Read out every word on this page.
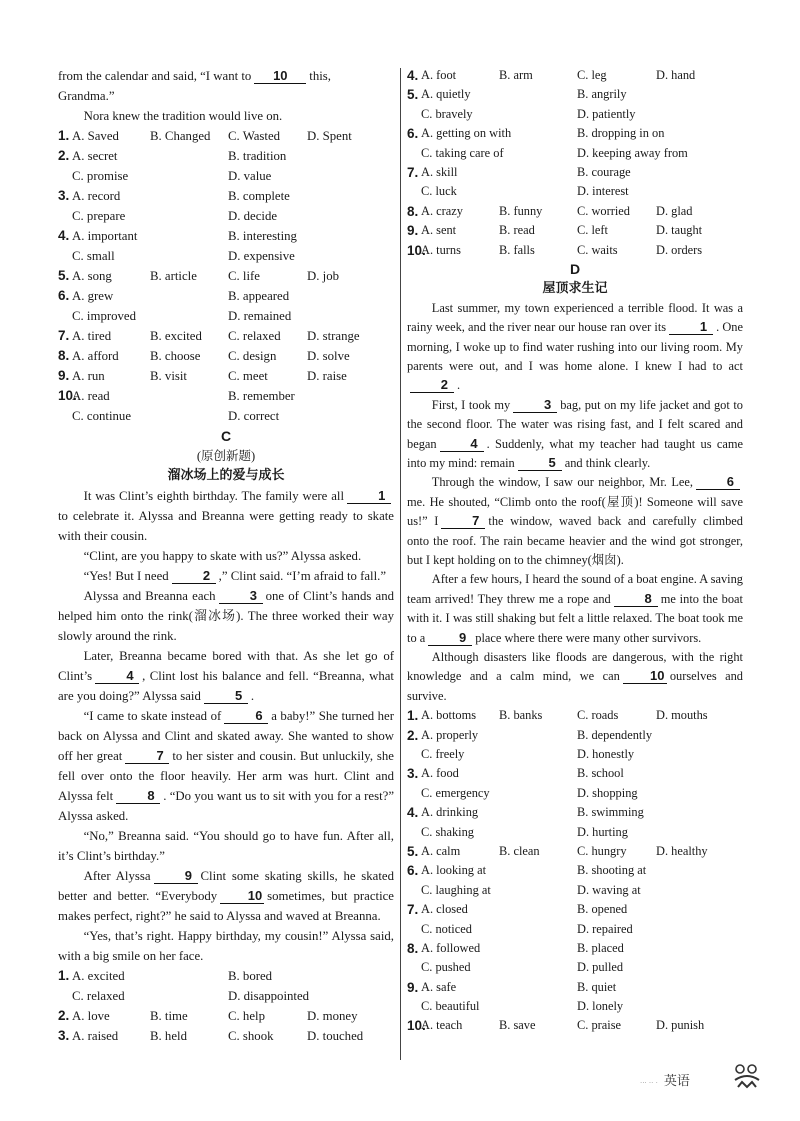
from the calendar and said, “I want to 10 this,
Grandma.”

Nora knew the tradition would live on.

1. A. Saved B. Changed C. Wasted D. Spent
2. A. secret	B. tradition
C. promise	D. value
3. A. record	B. complete
C. prepare	D. decide
4. A. important	B. interesting
C. small	D. expensive
5. A. song	B. article C. life	D. job
6. A. grew	B. appeared
C. improved	D. remained
7. A. tired	B. excited C. relaxed D. strange
8. A. afford B. choose C. design D. solve
9. A. run	B. visit	C. meet	D. raise
10.
A. read	B. remember
C. continue	D. correct
C
(原创新题)
溜冰场上的爱与成长

It was Clint’s eighth birthday. The family were all	1to celebrate it. Alyssa and Breanna were getting ready to skate with their cousin.

“Clint, are you happy to skate with us?” Alyssa asked.

“Yes! But I need	2 ,” Clint said. “I’m afraid to fall.”

Alyssa and Breanna each	3 one of Clint’s hands and helped him onto the rink(溜冰场). The three worked their way slowly around the rink.

Later, Breanna became bored with that. As she let go of Clint’s	4 , Clint lost his balance and fell. “Breanna, what are you doing?” Alyssa said	5 .

“I came to skate instead of	6 a baby!” She turned her back on Alyssa and Clint and skated away. She wanted to show off her great	7 to her sister and cousin. But unluckily, she fell over onto the floor heavily. Her arm was hurt. Clint and Alyssa felt	8 . “Do you want us to sit with you for a rest?” Alyssa asked.

“No,” Breanna said. “You should go to have fun. After all, it’s Clint’s birthday.”

After Alyssa	9 Clint some skating skills, he skated better and better. “Everybody 10 sometimes, but practice makes perfect, right?” he said to Alyssa and waved at Breanna.

“Yes, that’s right. Happy birthday, my cousin!” Alyssa said, with a big smile on her face.

1. A. excited	B. bored
C. relaxed	D. disappointed
2. A. love	B. time	C. help	D. money
3. A. raised B. held	C. shook	D. touched
4. A. foot	B. arm	C. leg	D. hand
5. A. quietly	B. angrily
C. bravely	D. patiently
6. A. getting on with	B. dropping in on
C. taking care of	D. keeping away from
7. A. skill	B. courage
C. luck	D. interest
8. A. crazy	B. funny	C. worried D. glad
9. A. sent	B. read	C. left	D. taught
10.
A. turns	B. falls	C. waits	D. orders
D
屋顶求生记

Last summer, my town experienced a terrible flood. It was a rainy week, and the river near our house ran over its	1 . One morning, I woke up to find water rushing into our living room. My parents were out, and I was home alone. I knew I had to act2 .

First, I took my	3 bag, put on my life jacket and got to the second floor. The water was rising fast, and I felt scared and began	4 . Suddenly, what my teacher had taught us came into my mind: remain	5 and think clearly.

Through the window, I saw our neighbor, Mr. Lee,	6me. He shouted, “Climb onto the roof(屋顶)! Someone will save us!” I	7 the window, waved back and carefully climbed onto the roof. The rain became heavier and the wind got stronger, but I kept holding on to the chimney(烟囱).

After a few hours, I heard the sound of a boat engine. A saving team arrived! They threw me a rope and	8 me into the boat with it. I was still shaking but felt a little relaxed. The boat took me to a	9 place where there were many other survivors.

Although disasters like floods are dangerous, with the right knowledge and a calm mind, we can 10 ourselves and survive.

1. A. bottoms B. banks	C. roads	D. mouths
2. A. properly	B. dependently
C. freely	D. honestly
3. A. food	B. school
C. emergency	D. shopping
4. A. drinking	B. swimming
C. shaking	D. hurting
5. A. calm	B. clean	C. hungry D. healthy
6. A. looking at	B. shooting at
C. laughing at	D. waving at
7. A. closed	B. opened
C. noticed	D. repaired
8. A. followed	B. placed
C. pushed	D. pulled
9. A. safe	B. quiet
C. beautiful	D. lonely
10.
A. teach	B. save	C. praise	D. punish
··· ·· · 英语
